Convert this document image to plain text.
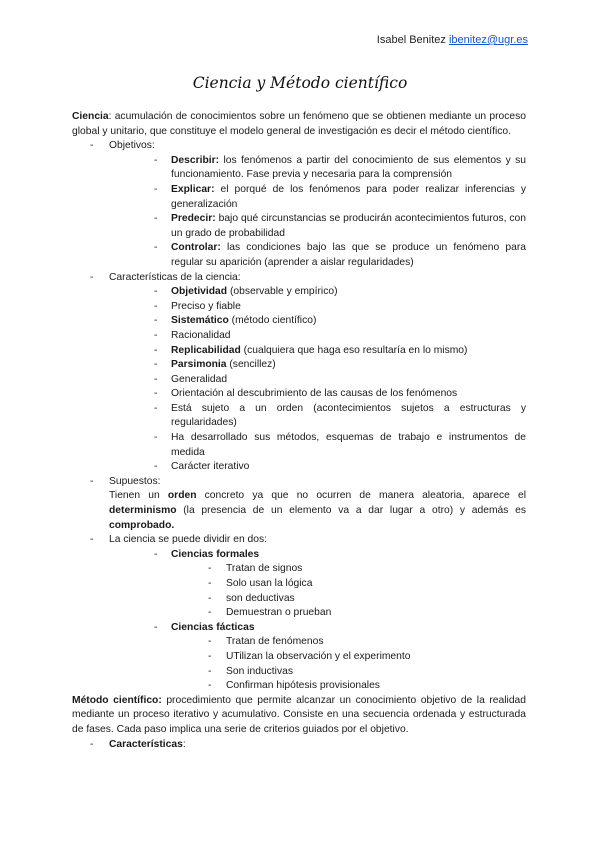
Isabel Benitez ibenitez@ugr.es
Ciencia y Método científico

Ciencia: acumulación de conocimientos sobre un fenómeno que se obtienen mediante un proceso global y unitario, que constituye el modelo general de investigación es decir el método científico.

- Objetivos:
- Describir: los fenómenos a partir del conocimiento de sus elementos y su funcionamiento. Fase previa y necesaria para la comprensión
- Explicar: el porqué de los fenómenos para poder realizar inferencias y generalización
- Predecir: bajo qué circunstancias se producirán acontecimientos futuros, con un grado de probabilidad
- Controlar: las condiciones bajo las que se produce un fenómeno para regular su aparición (aprender a aislar regularidades)
- Características de la ciencia:
- Objetividad (observable y empírico)
- Preciso y fiable
- Sistemático (método científico)
- Racionalidad
- Replicabilidad (cualquiera que haga eso resultaría en lo mismo)
- Parsimonia (sencillez)
- Generalidad
- Orientación al descubrimiento de las causas de los fenómenos
- Está sujeto a un orden (acontecimientos sujetos a estructuras y regularidades)
- Ha desarrollado sus métodos, esquemas de trabajo e instrumentos de medida
- Carácter iterativo
- Supuestos:
Tienen un orden concreto ya que no ocurren de manera aleatoria, aparece el determinismo (la presencia de un elemento va a dar lugar a otro) y además es comprobado.
- La ciencia se puede dividir en dos:
- Ciencias formales
- Tratan de signos
- Solo usan la lógica
- son deductivas
- Demuestran o prueban
- Ciencias fácticas
- Tratan de fenómenos
- UTilizan la observación y el experimento
- Son inductivas
- Confirman hipótesis provisionales

Método científico: procedimiento que permite alcanzar un conocimiento objetivo de la realidad mediante un proceso iterativo y acumulativo. Consiste en una secuencia ordenada y estructurada de fases. Cada paso implica una serie de criterios guiados por el objetivo.

- Características:
